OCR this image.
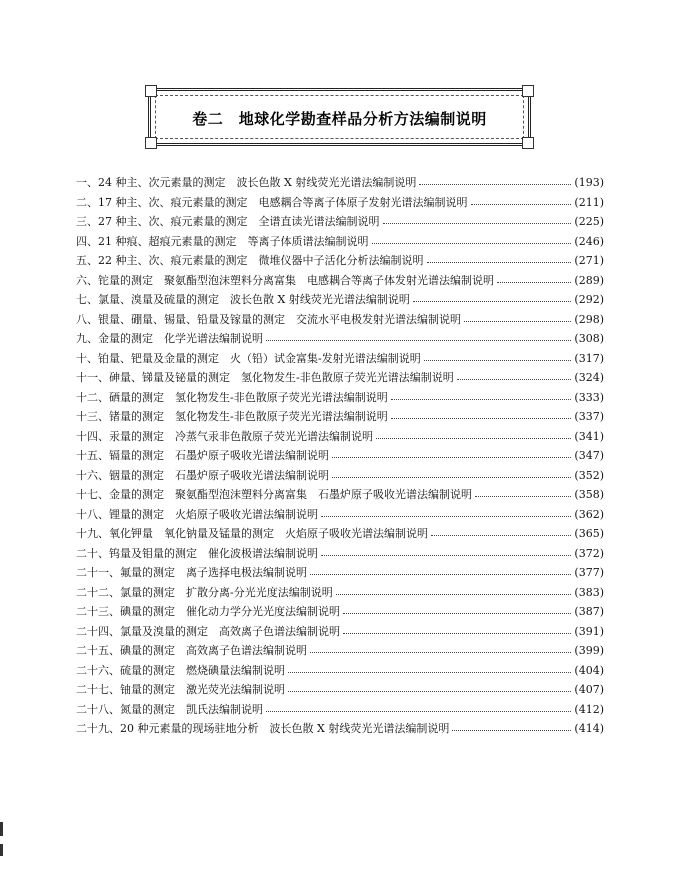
卷二　地球化学勘查样品分析方法编制说明
一、24 种主、次元素量的测定　波长色散 X 射线荧光光谱法编制说明	(193)
二、17 种主、次、痕元素量的测定　电感耦合等离子体原子发射光谱法编制说明	(211)
三、27 种主、次、痕元素量的测定　全谱直读光谱法编制说明	(225)
四、21 种痕、超痕元素量的测定　等离子体质谱法编制说明	(246)
五、22 种主、次、痕元素量的测定　微堆仪器中子活化分析法编制说明	(271)
六、铊量的测定　聚氨酯型泡沫塑料分离富集　电感耦合等离子体发射光谱法编制说明	(289)
七、氯量、溴量及硫量的测定　波长色散 X 射线荧光光谱法编制说明	(292)
八、银量、硼量、锡量、铅量及镓量的测定　交流水平电极发射光谱法编制说明	(298)
九、金量的测定　化学光谱法编制说明	(308)
十、铂量、钯量及金量的测定　火（铅）试金富集-发射光谱法编制说明	(317)
十一、砷量、锑量及铋量的测定　氢化物发生-非色散原子荧光光谱法编制说明	(324)
十二、硒量的测定　氢化物发生-非色散原子荧光光谱法编制说明	(333)
十三、锗量的测定　氢化物发生-非色散原子荧光光谱法编制说明	(337)
十四、汞量的测定　冷蒸气汞非色散原子荧光光谱法编制说明	(341)
十五、镉量的测定　石墨炉原子吸收光谱法编制说明	(347)
十六、铟量的测定　石墨炉原子吸收光谱法编制说明	(352)
十七、金量的测定　聚氨酯型泡沫塑料分离富集　石墨炉原子吸收光谱法编制说明	(358)
十八、锂量的测定　火焰原子吸收光谱法编制说明	(362)
十九、氧化钾量　氧化钠量及锰量的测定　火焰原子吸收光谱法编制说明	(365)
二十、钨量及钼量的测定　催化波极谱法编制说明	(372)
二十一、氟量的测定　离子选择电极法编制说明	(377)
二十二、氯量的测定　扩散分离-分光光度法编制说明	(383)
二十三、碘量的测定　催化动力学分光光度法编制说明	(387)
二十四、氯量及溴量的测定　高效离子色谱法编制说明	(391)
二十五、碘量的测定　高效离子色谱法编制说明	(399)
二十六、硫量的测定　燃烧碘量法编制说明	(404)
二十七、铀量的测定　激光荧光法编制说明	(407)
二十八、氮量的测定　凯氏法编制说明	(412)
二十九、20 种元素量的现场驻地分析　波长色散 X 射线荧光光谱法编制说明	(414)
